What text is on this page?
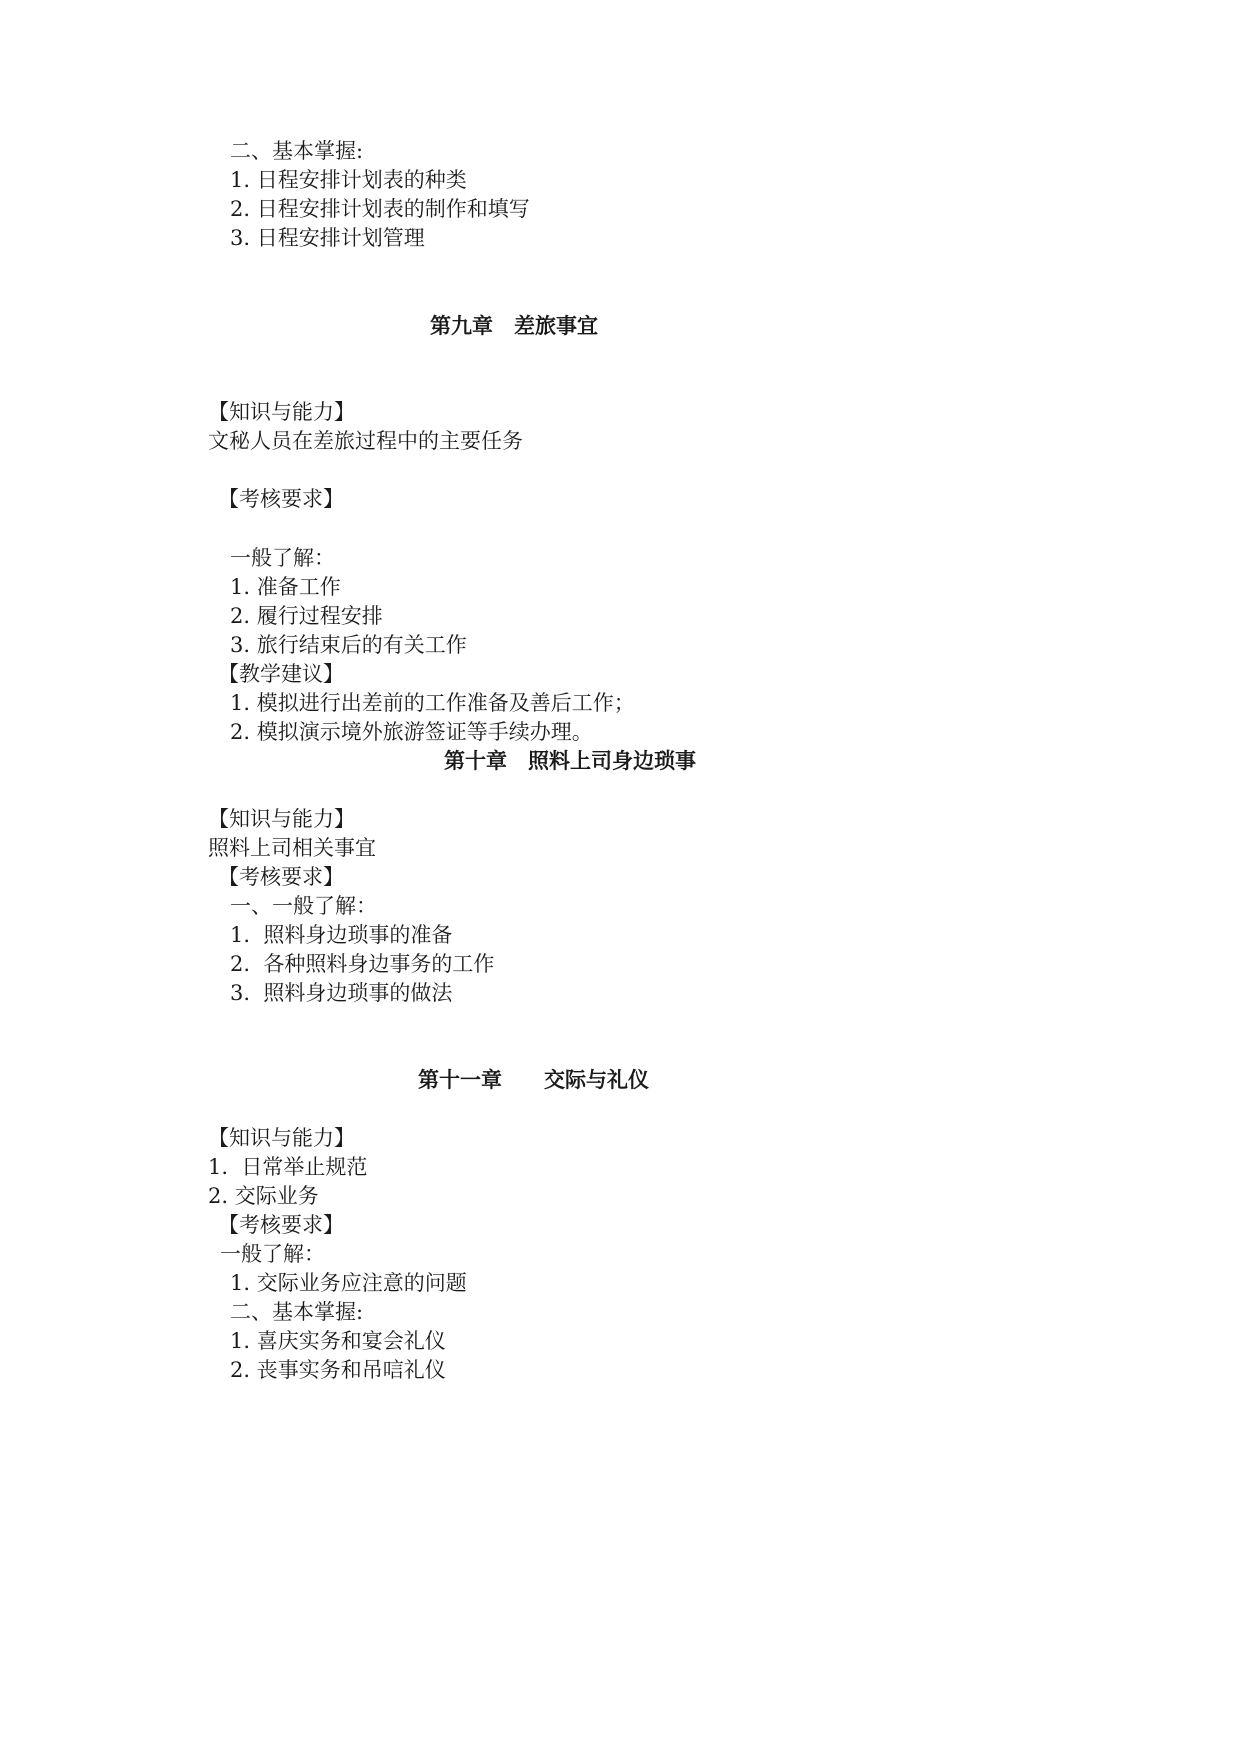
二、基本掌握:
1. 日程安排计划表的种类
2. 日程安排计划表的制作和填写
3. 日程安排计划管理
第九章　差旅事宜
【知识与能力】
文秘人员在差旅过程中的主要任务
【考核要求】
一般了解：
1. 准备工作
2. 履行过程安排
3. 旅行结束后的有关工作
【教学建议】
1. 模拟进行出差前的工作准备及善后工作；
2. 模拟演示境外旅游签证等手续办理。
第十章　照料上司身边琐事
【知识与能力】
照料上司相关事宜
【考核要求】
一、一般了解：
1.  照料身边琐事的准备
2.  各种照料身边事务的工作
3.  照料身边琐事的做法
第十一章　　交际与礼仪
【知识与能力】
1.  日常举止规范
2. 交际业务
【考核要求】
一般了解：
1. 交际业务应注意的问题
二、基本掌握:
1. 喜庆实务和宴会礼仪
2. 丧事实务和吊唁礼仪
